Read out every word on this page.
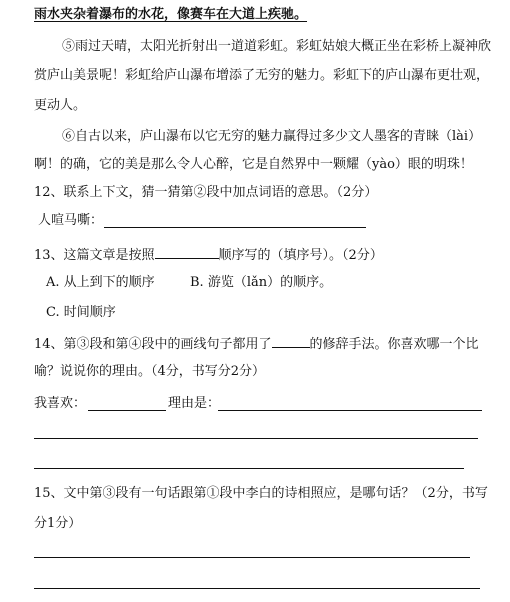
雨水夹杂着瀑布的水花，像赛车在大道上疾驰。
⑤雨过天晴，太阳光折射出一道道彩虹。彩虹姑娘大概正坐在彩桥上凝神欣
赏庐山美景呢！彩虹给庐山瀑布增添了无穷的魅力。彩虹下的庐山瀑布更壮观，
更动人。
⑥自古以来，庐山瀑布以它无穷的魅力赢得过多少文人墨客的青睐（lài）
啊！的确，它的美是那么令人心醉，它是自然界中一颗耀（yào）眼的明珠！
12、联系上下文，猜一猜第②段中加点词语的意思。（2分）
人喧马嘶：
13、这篇文章是按照	顺序写的（填序号）。（2分）
A. 从上到下的顺序	B. 游览（lǎn）的顺序。
C. 时间顺序
14、第③段和第④段中的画线句子都用了	的修辞手法。你喜欢哪一个比
喻？说说你的理由。（4分，书写分2分）
我喜欢：	理由是：
15、文中第③段有一句话跟第①段中李白的诗相照应，是哪句话？（2分，书写
分1分）
